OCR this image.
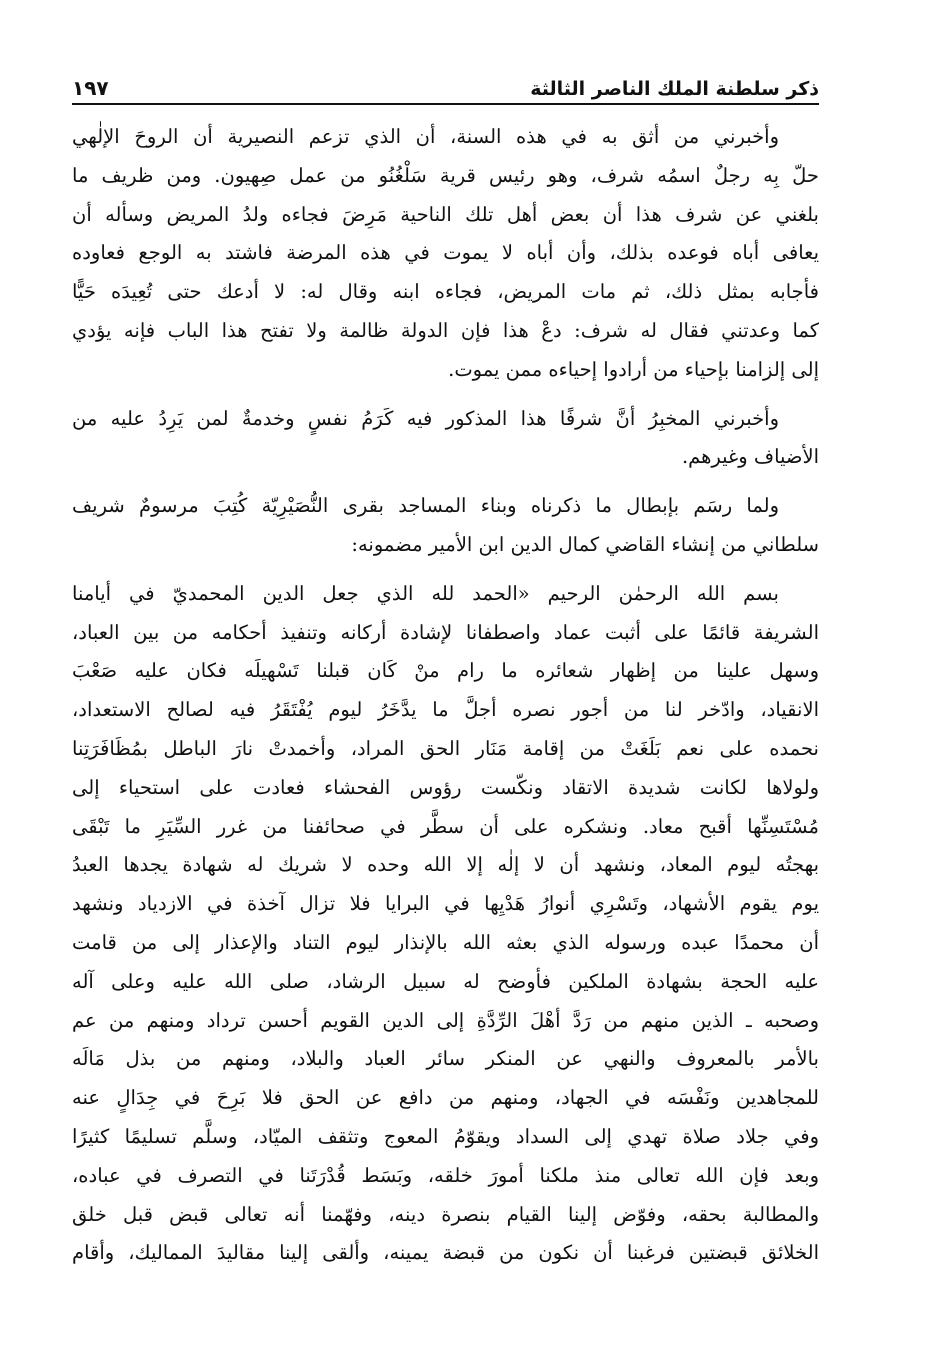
ذكر سلطنة الملك الناصر الثالثة
١٩٧

وأخبرني من أثق به في هذه السنة، أن الذي تزعم النصيرية أن الروحَ الإلٰهي
حلّ بِه رجلٌ اسمُه شرف، وهو رئيس قرية سَلْغُنُو من عمل صِهيون. ومن ظريف ما
بلغني عن شرف هذا أن بعض أهل تلك الناحية مَرِضَ فجاءه ولدُ المريض وسأله أن
يعافى أباه فوعده بذلك، وأن أباه لا يموت في هذه المرضة فاشتد به الوجع فعاوده
فأجابه بمثل ذلك، ثم مات المريض، فجاءه ابنه وقال له: لا أدعك حتى تُعِيدَه حَيًّا
كما وعدتني فقال له شرف: دعْ هذا فإن الدولة ظالمة ولا تفتح هذا الباب فإنه يؤدي
إلى إلزامنا بإحياء من أرادوا إحياءه ممن يموت.

وأخبرني المخبِرُ أنَّ شرفًا هذا المذكور فيه كَرَمُ نفسٍ وخدمةٌ لمن يَرِدُ عليه من
الأضياف وغيرهم.

ولما رسَم بإبطال ما ذكرناه وبناء المساجد بقرى النُّصَيْرِيّة كُتِبَ مرسومٌ شريف
سلطاني من إنشاء القاضي كمال الدين ابن الأمير مضمونه:

بسم الله الرحمٰن الرحيم «الحمد لله الذي جعل الدين المحمديّ في أيامنا
الشريفة قائمًا على أثبت عماد واصطفانا لإشادة أركانه وتنفيذ أحكامه من بين العباد،
وسهل علينا من إظهار شعائره ما رام منْ كَان قبلنا تَسْهيلَه فكان عليه صَعْبَ
الانقياد، وادّخر لنا من أجور نصره أجلَّ ما يدَّخَرُ ليوم يُفْتَقَرُ فيه لصالح الاستعداد،
نحمده على نعم بَلَغَتْ من إقامة مَنَار الحق المراد، وأخمدتْ نارَ الباطل بمُظَافَرَتِنا
ولولاها لكانت شديدة الاتقاد ونكّست رؤوس الفحشاء فعادت على استحياء إلى
مُسْتَسِنِّها أقبح معاد. ونشكره على أن سطَّر في صحائفنا من غرر السِّيَرِ ما تَبْقَى
بهجتُه ليوم المعاد، ونشهد أن لا إلٰه إلا الله وحده لا شريك له شهادة يجدها العبدُ
يوم يقوم الأشهاد، وتَسْرِي أنوارُ هَدْيِها في البرايا فلا تزال آخذة في الازدياد ونشهد
أن محمدًا عبده ورسوله الذي بعثه الله بالإنذار ليوم التناد والإعذار إلى من قامت
عليه الحجة بشهادة الملكين فأوضح له سبيل الرشاد، صلى الله عليه وعلى آله
وصحبه ـ الذين منهم من رَدَّ أهْلَ الرِّدَّةِ إلى الدين القويم أحسن ترداد ومنهم من عم
بالأمر بالمعروف والنهي عن المنكر سائر العباد والبلاد، ومنهم من بذل مَالَه
للمجاهدين ونَفْسَه في الجهاد، ومنهم من دافع عن الحق فلا بَرِحَ في جِدَالٍ عنه
وفي جلاد صلاة تهدي إلى السداد ويقوّمُ المعوج وتثقف الميّاد، وسلَّم تسليمًا كثيرًا
وبعد فإن الله تعالى منذ ملكنا أمورَ خلقه، وبَسَط قُدْرَتَنا في التصرف في عباده،
والمطالبة بحقه، وفوّض إلينا القيام بنصرة دينه، وفهّمنا أنه تعالى قبض قبل خلق
الخلائق قبضتين فرغبنا أن نكون من قبضة يمينه، وألقى إلينا مقاليدَ المماليك، وأقام
